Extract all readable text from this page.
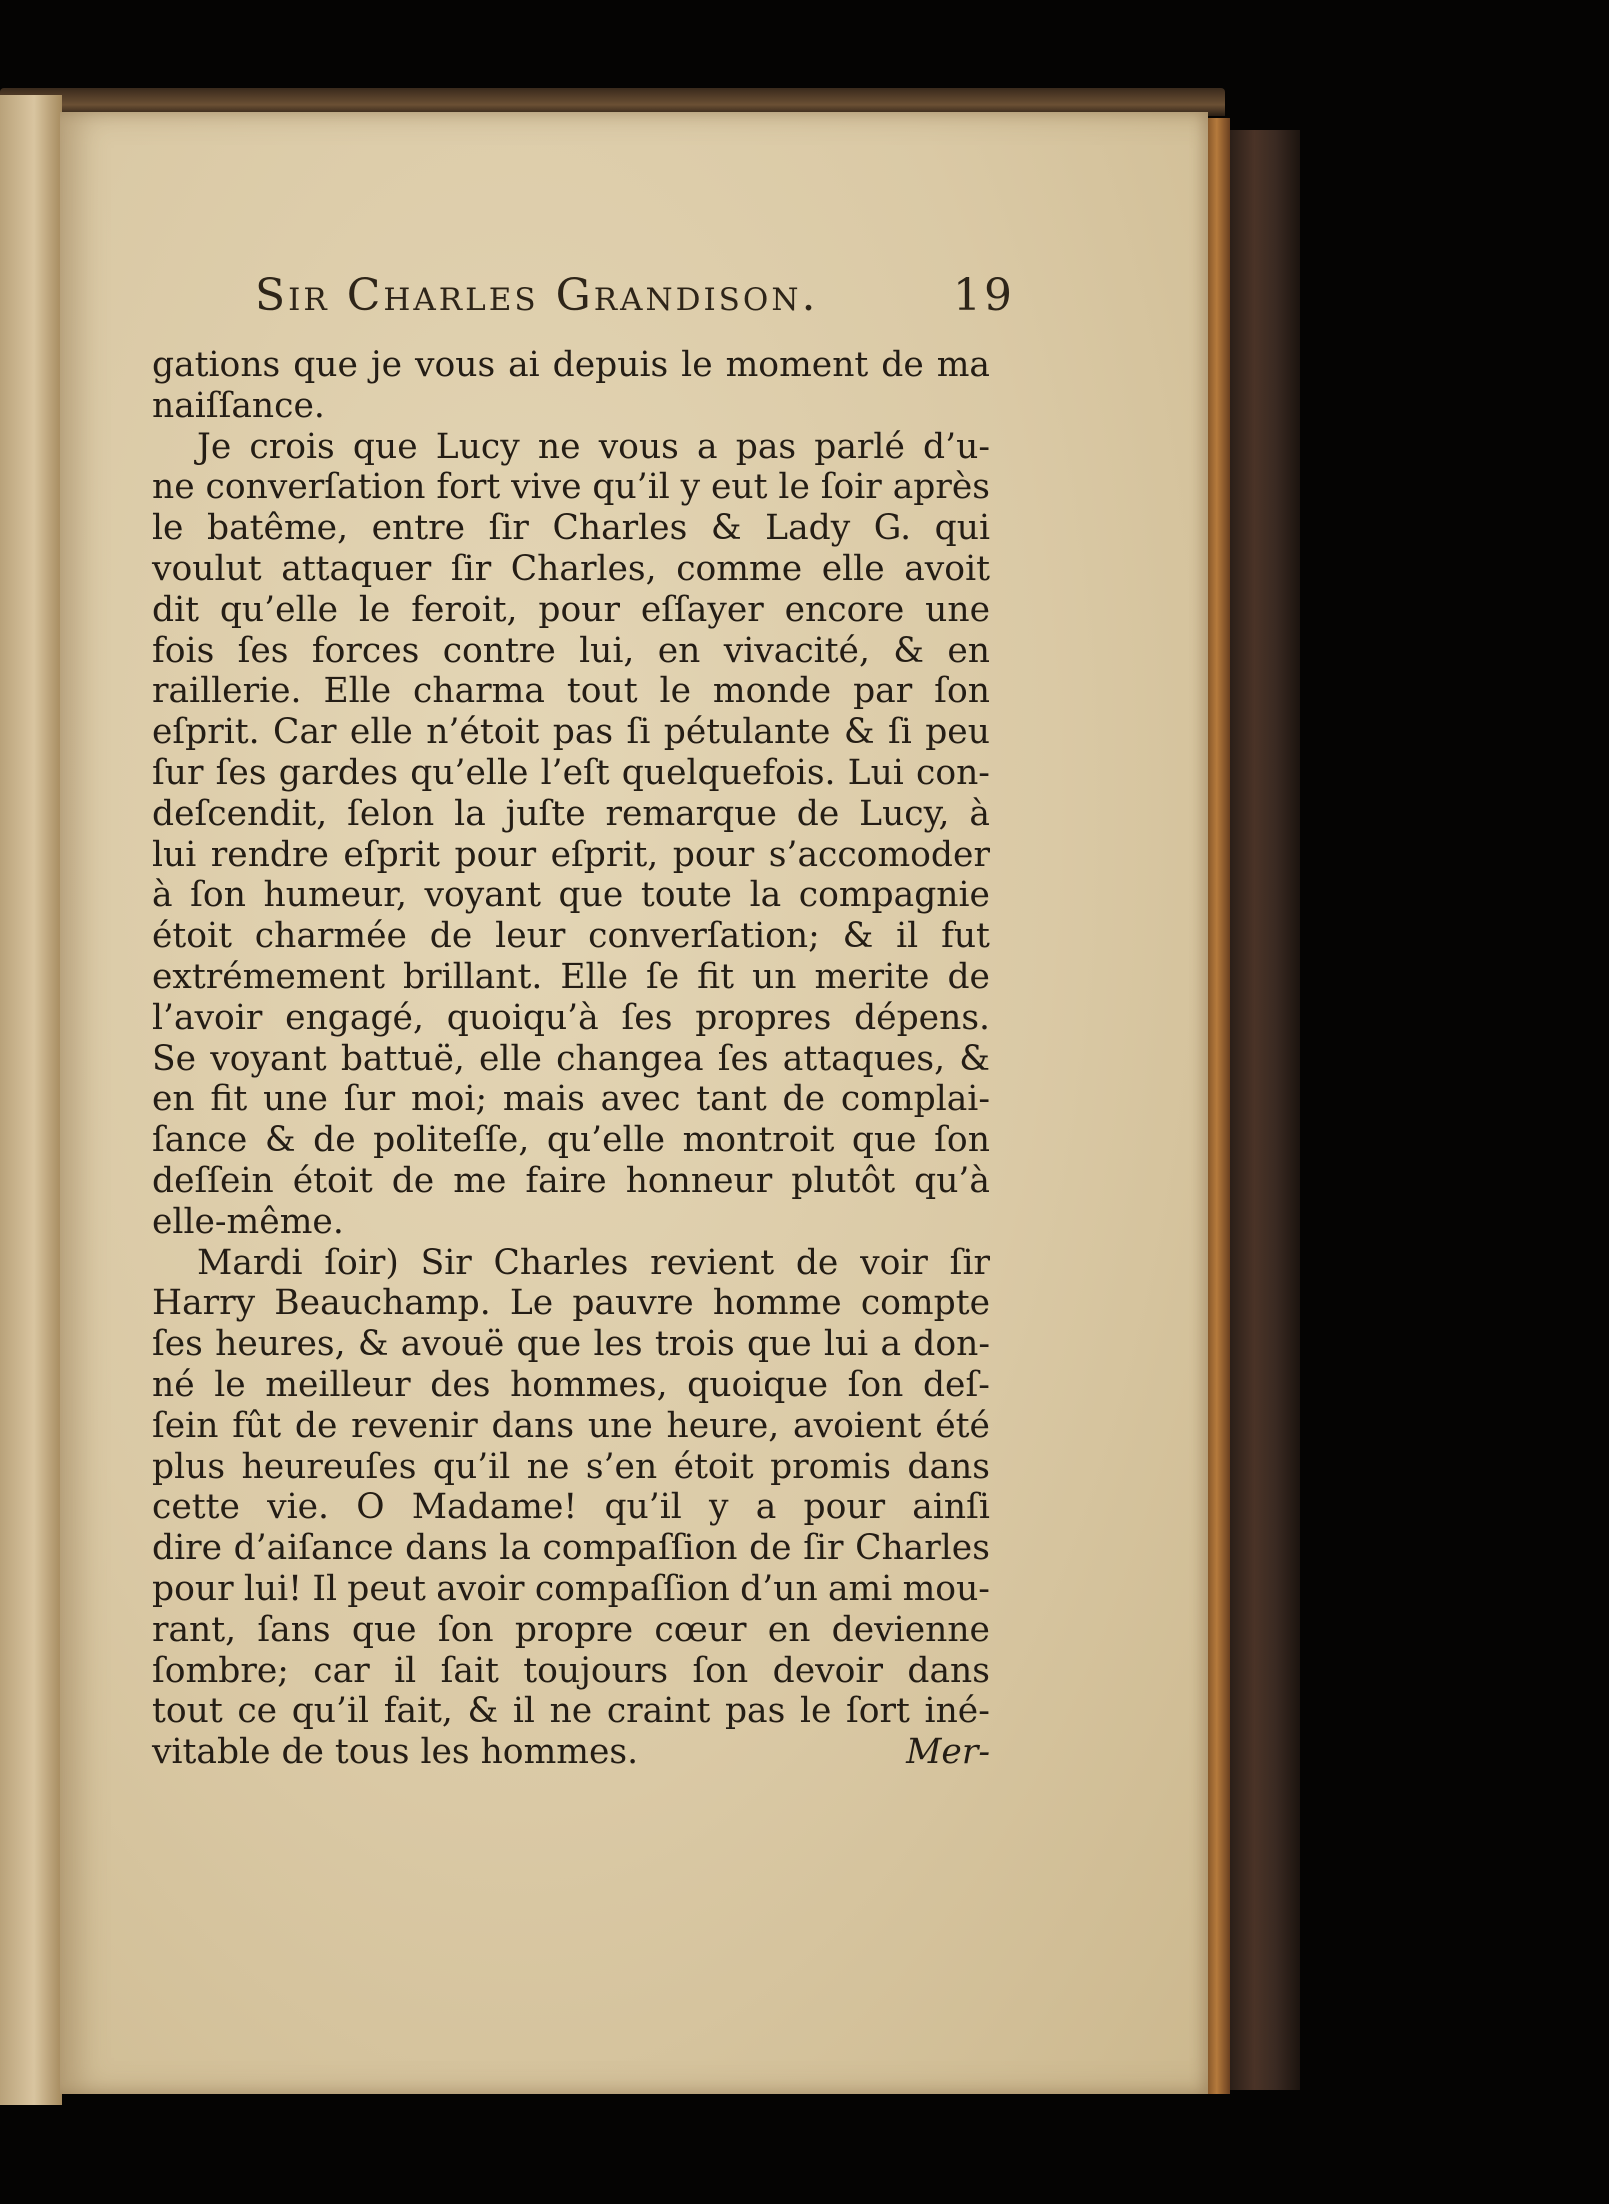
Sir Charles Grandison.	19
gations que je vous ai depuis le moment de ma
naiſſance.
Je crois que Lucy ne vous a pas parlé d’u-
ne converſation fort vive qu’il y eut le ſoir après
le batême, entre ſir Charles & Lady G. qui
voulut attaquer ſir Charles, comme elle avoit
dit qu’elle le feroit, pour eſſayer encore une
fois ſes forces contre lui, en vivacité, & en
raillerie. Elle charma tout le monde par ſon
eſprit. Car elle n’étoit pas ſi pétulante & ſi peu
ſur ſes gardes qu’elle l’eſt quelquefois. Lui con-
deſcendit, ſelon la juſte remarque de Lucy, à
lui rendre eſprit pour eſprit, pour s’accomoder
à ſon humeur, voyant que toute la compagnie
étoit charmée de leur converſation; & il fut
extrémement brillant. Elle ſe fit un merite de
l’avoir engagé, quoiqu’à ſes propres dépens.
Se voyant battuë, elle changea ſes attaques, &
en fit une ſur moi; mais avec tant de complai-
ſance & de politeſſe, qu’elle montroit que ſon
deſſein étoit de me faire honneur plutôt qu’à
elle-même.
Mardi ſoir) Sir Charles revient de voir ſir
Harry Beauchamp. Le pauvre homme compte
ſes heures, & avouë que les trois que lui a don-
né le meilleur des hommes, quoique ſon deſ-
ſein fût de revenir dans une heure, avoient été
plus heureuſes qu’il ne s’en étoit promis dans
cette vie. O Madame! qu’il y a pour ainſi
dire d’aiſance dans la compaſſion de ſir Charles
pour lui! Il peut avoir compaſſion d’un ami mou-
rant, ſans que ſon propre cœur en devienne
ſombre; car il ſait toujours ſon devoir dans
tout ce qu’il fait, & il ne craint pas le ſort iné-
vitable de tous les hommes.	Mer-
